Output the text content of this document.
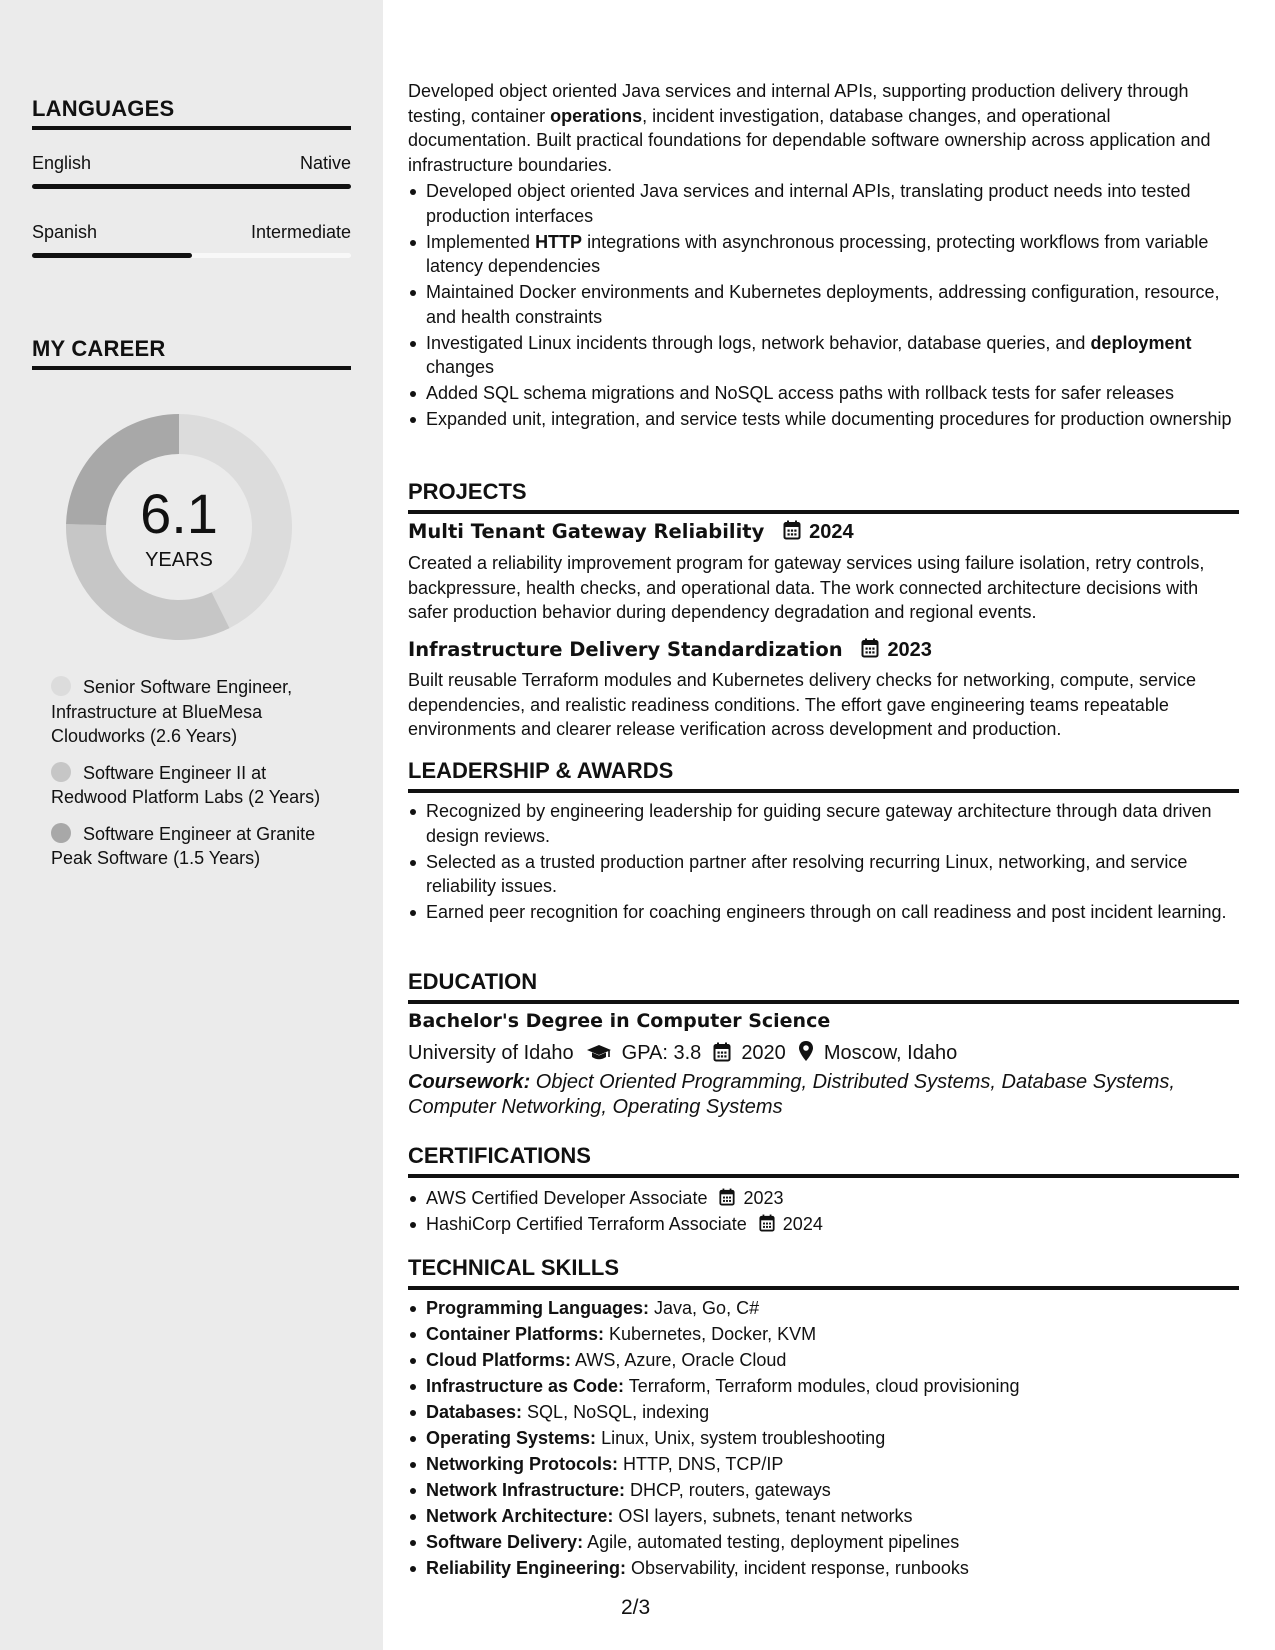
LANGUAGES
English	Native
Spanish	Intermediate
MY CAREER
6.1
YEARS
Senior Software Engineer, Infrastructure at BlueMesa Cloudworks (2.6 Years)
Software Engineer II at Redwood Platform Labs (2 Years)
Software Engineer at Granite Peak Software (1.5 Years)

Developed object oriented Java services and internal APIs, supporting production delivery through testing, container operations, incident investigation, database changes, and operational documentation. Built practical foundations for dependable software ownership across application and infrastructure boundaries.

Developed object oriented Java services and internal APIs, translating product needs into tested production interfaces
Implemented HTTP integrations with asynchronous processing, protecting workflows from variable latency dependencies
Maintained Docker environments and Kubernetes deployments, addressing configuration, resource, and health constraints
Investigated Linux incidents through logs, network behavior, database queries, and deployment changes
Added SQL schema migrations and NoSQL access paths with rollback tests for safer releases
Expanded unit, integration, and service tests while documenting procedures for production ownership
PROJECTS
Multi Tenant Gateway Reliability 2024

Created a reliability improvement program for gateway services using failure isolation, retry controls, backpressure, health checks, and operational data. The work connected architecture decisions with safer production behavior during dependency degradation and regional events.

Infrastructure Delivery Standardization 2023

Built reusable Terraform modules and Kubernetes delivery checks for networking, compute, service dependencies, and realistic readiness conditions. The effort gave engineering teams repeatable environments and clearer release verification across development and production.

LEADERSHIP & AWARDS
Recognized by engineering leadership for guiding secure gateway architecture through data driven design reviews.
Selected as a trusted production partner after resolving recurring Linux, networking, and service reliability issues.
Earned peer recognition for coaching engineers through on call readiness and post incident learning.
EDUCATION
Bachelor's Degree in Computer Science
University of Idaho GPA: 3.8 2020 Moscow, Idaho

Coursework: Object Oriented Programming, Distributed Systems, Database Systems, Computer Networking, Operating Systems

CERTIFICATIONS
AWS Certified Developer Associate 2023
HashiCorp Certified Terraform Associate 2024
TECHNICAL SKILLS
Programming Languages: Java, Go, C#
Container Platforms: Kubernetes, Docker, KVM
Cloud Platforms: AWS, Azure, Oracle Cloud
Infrastructure as Code: Terraform, Terraform modules, cloud provisioning
Databases: SQL, NoSQL, indexing
Operating Systems: Linux, Unix, system troubleshooting
Networking Protocols: HTTP, DNS, TCP/IP
Network Infrastructure: DHCP, routers, gateways
Network Architecture: OSI layers, subnets, tenant networks
Software Delivery: Agile, automated testing, deployment pipelines
Reliability Engineering: Observability, incident response, runbooks
2/3
